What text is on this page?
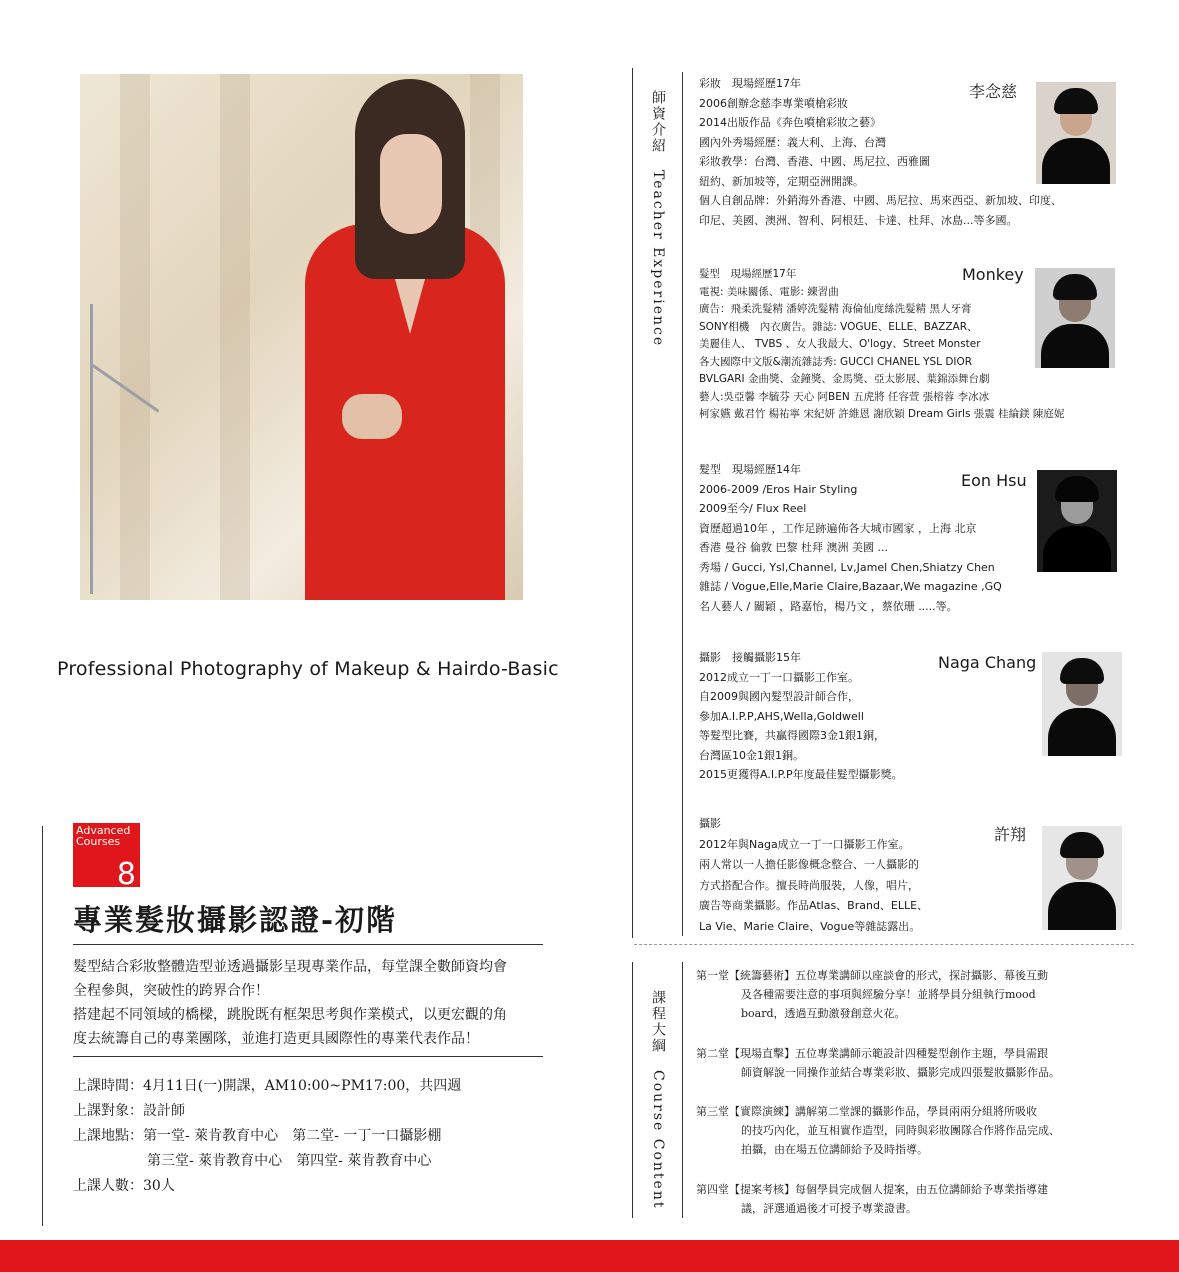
Professional Photography of Makeup & Hairdo-Basic
Advanced
Courses
8
專業髮妝攝影認證-初階

髮型結合彩妝整體造型並透過攝影呈現專業作品，每堂課全數師資均會

全程參與，突破性的跨界合作！

搭建起不同領域的橋樑，跳脫既有框架思考與作業模式，以更宏觀的角

度去統籌自己的專業團隊，並進打造更具國際性的專業代表作品！

上課時間：4月11日(一)開課，AM10:00~PM17:00，共四週
上課對象：設計師
上課地點：第一堂- 萊肯教育中心 第二堂- 一丁一口攝影棚
第三堂- 萊肯教育中心 第四堂- 萊肯教育中心
上課人數：30人
師資介紹　Teacher Experience
課程大綱　Course Content
彩妝　現場經歷17年
2006創辦念慈李專業噴槍彩妝
2014出版作品《奔色噴槍彩妝之藝》
國內外秀場經歷：義大利、上海、台灣
彩妝教學：台灣、香港、中國、馬尼拉、西雅圖
紐約、新加坡等，定期亞洲開課。
個人自創品牌：外銷海外香港、中國、馬尼拉、馬來西亞、新加坡、印度、
印尼、美國、澳洲、智利、阿根廷、卡達、杜拜、冰島...等多國。
李念慈
髮型　現場經歷17年
電視: 美味關係、電影: 練習曲
廣告：飛柔洗髮精 潘婷洗髮精 海倫仙度絲洗髮精 黑人牙膏
SONY相機　內衣廣告。雜誌: VOGUE、ELLE、BAZZAR、
美麗佳人、 TVBS 、女人我最大、O'logy、Street Monster
各大國際中文版&潮流雜誌秀: GUCCI CHANEL YSL DIOR
BVLGARI 金曲獎、金鐘獎、金馬獎、亞太影展、葉錦添舞台劇
藝人:吳亞馨 李毓芬 天心 阿BEN 五虎將 任容萱 張榕蓉 李冰冰
柯家嬿 戴君竹 楊祐寧 宋紀妍 許維恩 謝欣穎 Dream Girls 張震 桂綸鎂 陳庭妮
Monkey
髮型　現場經歷14年
2006-2009 /Eros Hair Styling
2009至今/ Flux Reel
資歷超過10年 ，工作足跡遍佈各大城市國家 ，上海 北京
香港 曼谷 倫敦 巴黎 杜拜 澳洲 美國 ...
秀場 / Gucci, Ysl,Channel, Lv,Jamel Chen,Shiatzy Chen
雜誌 / Vogue,Elle,Marie Claire,Bazaar,We magazine ,GQ
名人藝人 / 關穎 ，路嘉怡，楊乃文 ，蔡依珊 .....等。
Eon Hsu
攝影　接觸攝影15年
2012成立一丁一口攝影工作室。
自2009與國內髮型設計師合作，
參加A.I.P.P,AHS,Wella,Goldwell
等髮型比賽，共贏得國際3金1銀1銅，
台灣區10金1銀1銅。
2015更獲得A.I.P.P年度最佳髮型攝影獎。
Naga Chang
攝影
2012年與Naga成立一丁一口攝影工作室。
兩人常以一人擔任影像概念整合、一人攝影的
方式搭配合作。擅長時尚服裝，人像，唱片，
廣告等商業攝影。作品Atlas、Brand、ELLE、
La Vie、Marie Claire、Vogue等雜誌露出。
許翔
第一堂【統籌藝術】五位專業講師以座談會的形式，探討攝影、幕後互動
及各種需要注意的事項與經驗分享！並將學員分組執行mood
board，透過互動激發創意火花。
第二堂【現場直擊】五位專業講師示範設計四種髮型創作主題，學員需跟
師資解說一同操作並結合專業彩妝、攝影完成四張髮妝攝影作品。
第三堂【實際演練】講解第二堂課的攝影作品，學員兩兩分組將所吸收
的技巧內化，並互相實作造型，同時與彩妝團隊合作將作品完成、
拍攝，由在場五位講師給予及時指導。
第四堂【提案考核】每個學員完成個人提案，由五位講師給予專業指導建
議，評選通過後才可授予專業證書。
